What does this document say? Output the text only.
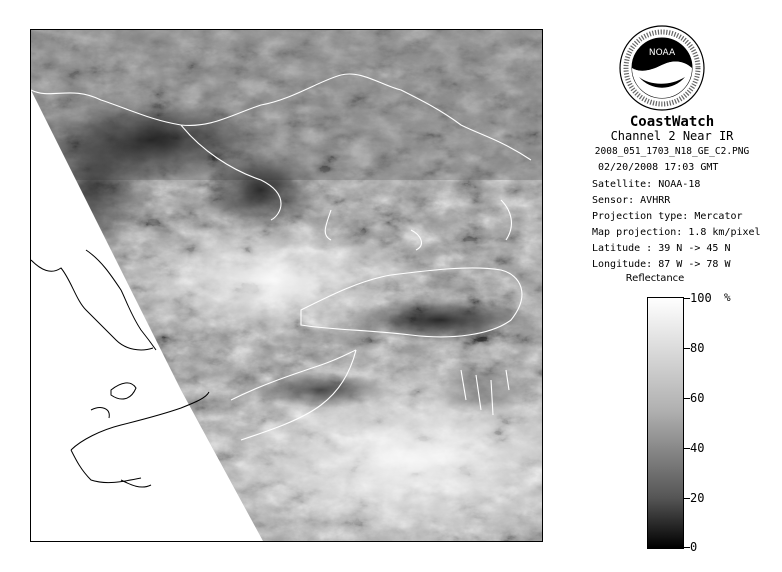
NOAA
CoastWatch
Channel 2 Near IR
2008_051_1703_N18_GE_C2.PNG
02/20/2008 17:03 GMT
Satellite: NOAA-18
Sensor: AVHRR
Projection type: Mercator
Map projection: 1.8 km/pixel
Latitude : 39 N -> 45 N
Longitude: 87 W -> 78 W
Reflectance
%
100
80
60
40
20
0
